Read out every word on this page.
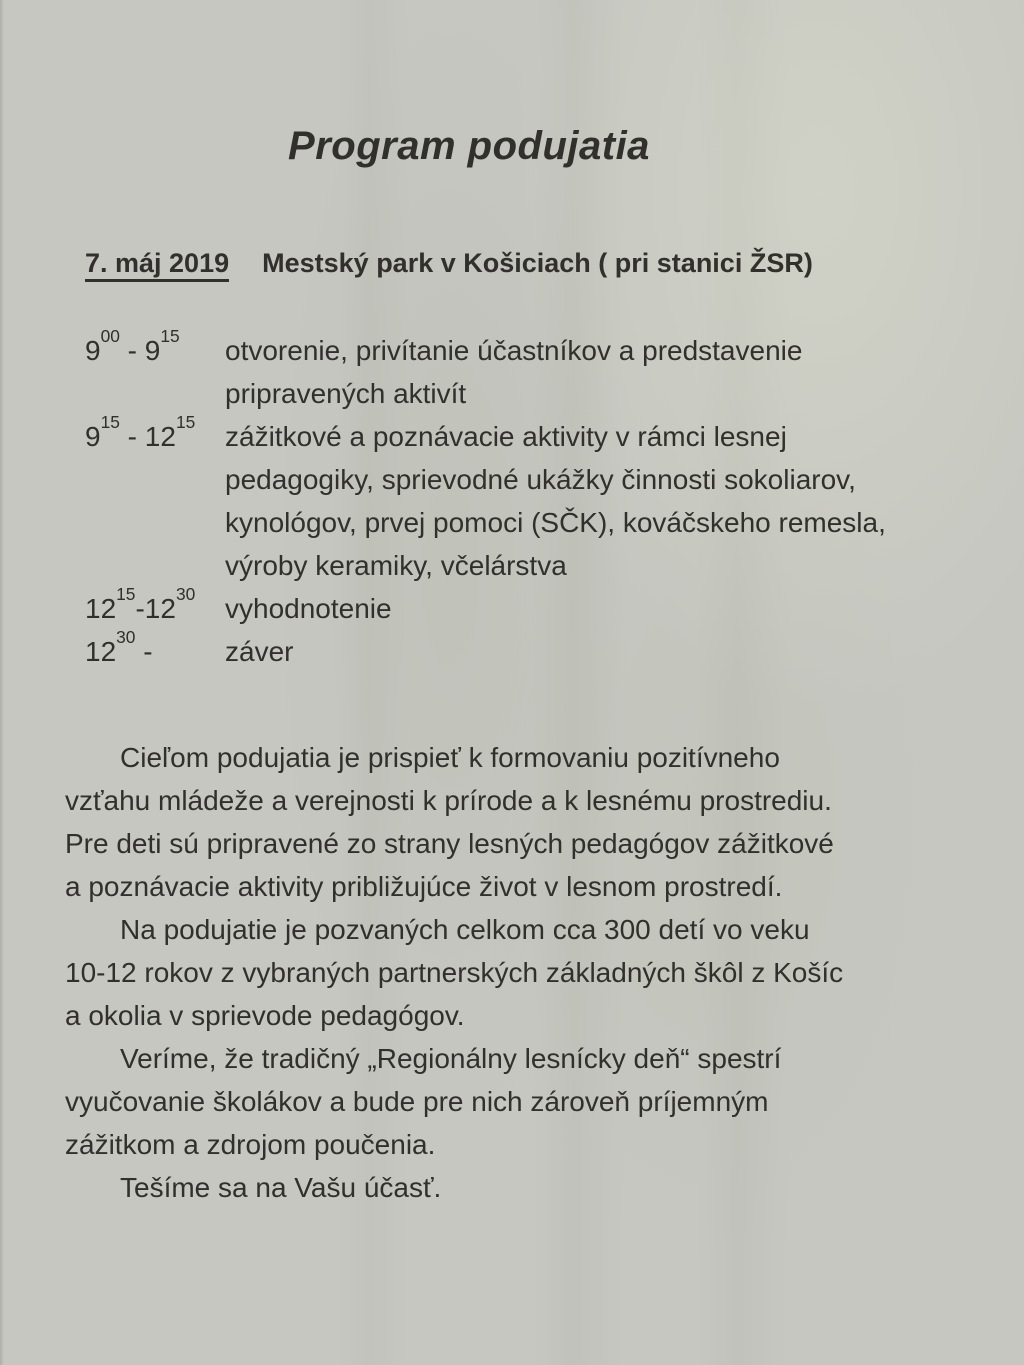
Program podujatia
7. máj 2019 Mestský park v Košiciach ( pri stanici ŽSR)
$9^{00} - 9^{15}$	otvorenie, privítanie účastníkov a predstavenie
pripravených aktivít
$9^{15} - 12^{15}$	zážitkové a poznávacie aktivity v rámci lesnej
pedagogiky, sprievodné ukážky činnosti sokoliarov,
kynológov, prvej pomoci (SČK), kováčskeho remesla,
výroby keramiky, včelárstva
$12^{15}-12^{30}$	vyhodnotenie
$12^{30}$ -	záver
Cieľom podujatia je prispieť k formovaniu pozitívneho
vzťahu mládeže a verejnosti k prírode a k lesnému prostrediu.
Pre deti sú pripravené zo strany lesných pedagógov zážitkové
a poznávacie aktivity približujúce život v lesnom prostredí.
Na podujatie je pozvaných celkom cca 300 detí vo veku
10-12 rokov z vybraných partnerských základných škôl z Košíc
a okolia v sprievode pedagógov.
Veríme, že tradičný „Regionálny lesnícky deň“ spestrí
vyučovanie školákov a bude pre nich zároveň príjemným
zážitkom a zdrojom poučenia.
Tešíme sa na Vašu účasť.
